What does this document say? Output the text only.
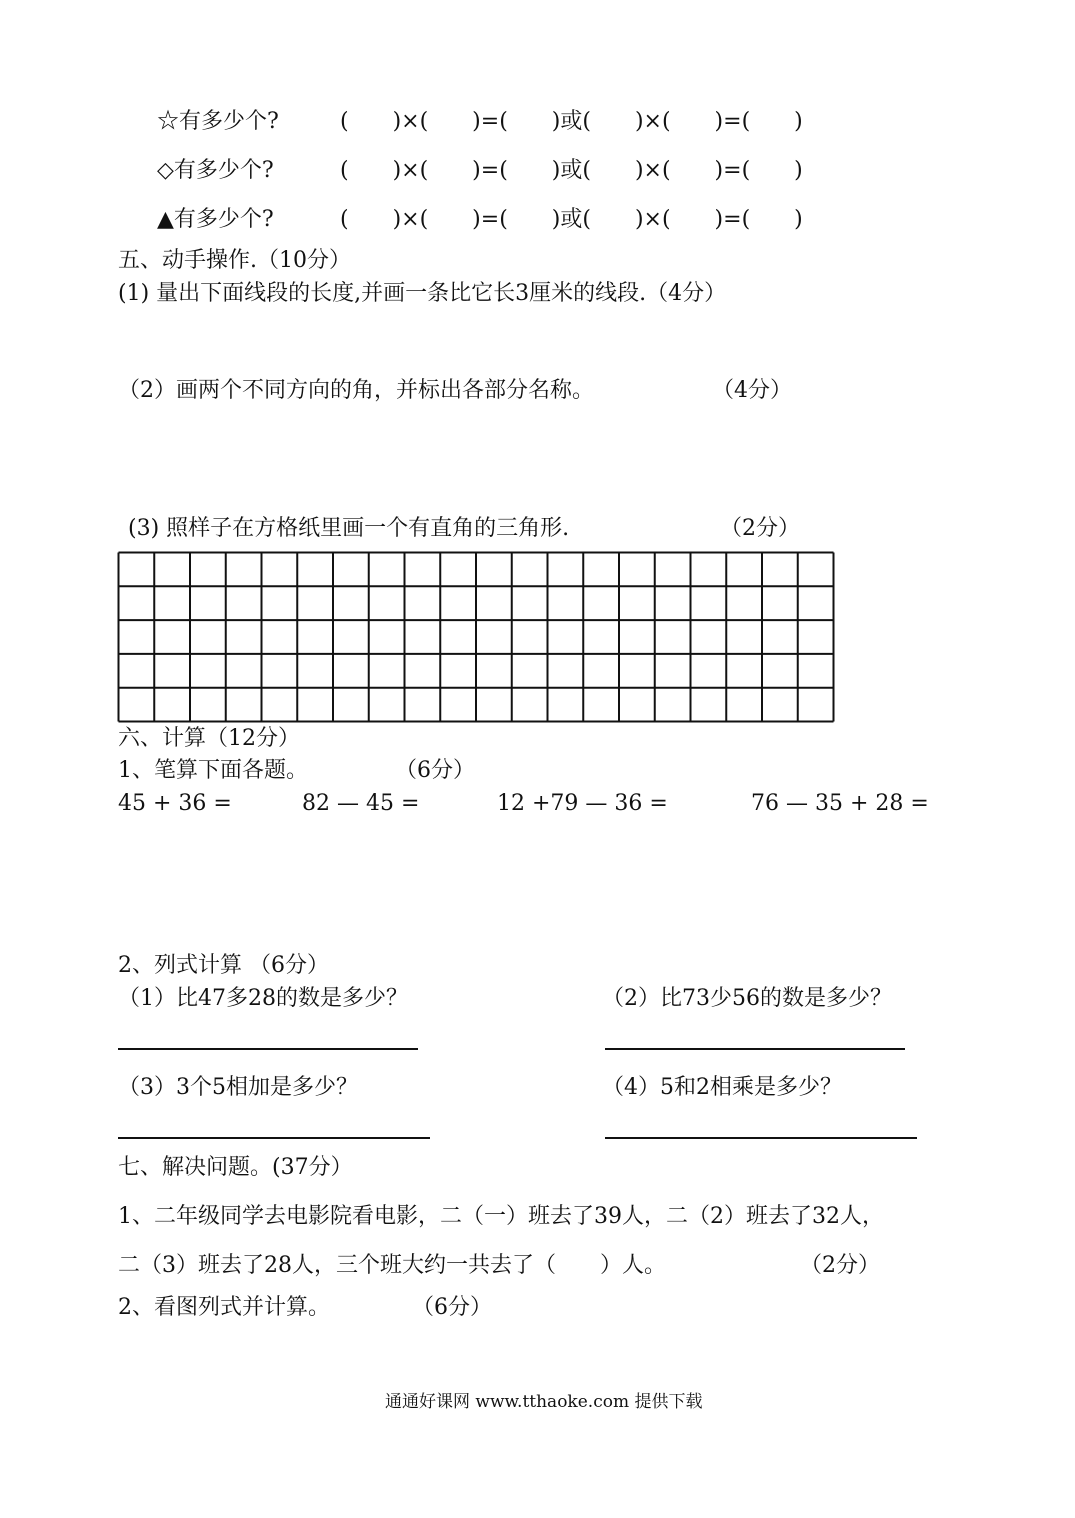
☆有多少个?	(　　)×(　　)=(　　)或(　　)×(　　)=(　　)
◇有多少个?	(　　)×(　　)=(　　)或(　　)×(　　)=(　　)
▲有多少个?	(　　)×(　　)=(　　)或(　　)×(　　)=(　　)
五、动手操作.（10分）
(1) 量出下面线段的长度,并画一条比它长3厘米的线段.（4分）
（2）画两个不同方向的角，并标出各部分名称。	（4分）
(3) 照样子在方格纸里画一个有直角的三角形.	（2分）
六、计算（12分）
1、笔算下面各题。	（6分）
45 + 36 =	82 — 45 =	12 +79 — 36 =	76 — 35 + 28 =
2、列式计算 （6分）
（1）比47多28的数是多少？	（2）比73少56的数是多少？
（3）3个5相加是多少？	（4）5和2相乘是多少？
七、解决问题。(37分）
1、二年级同学去电影院看电影，二（一）班去了39人，二（2）班去了32人，
二（3）班去了28人，三个班大约一共去了（　　）人。	（2分）
2、看图列式并计算。	（6分）
通通好课网 www.tthaoke.com 提供下载
